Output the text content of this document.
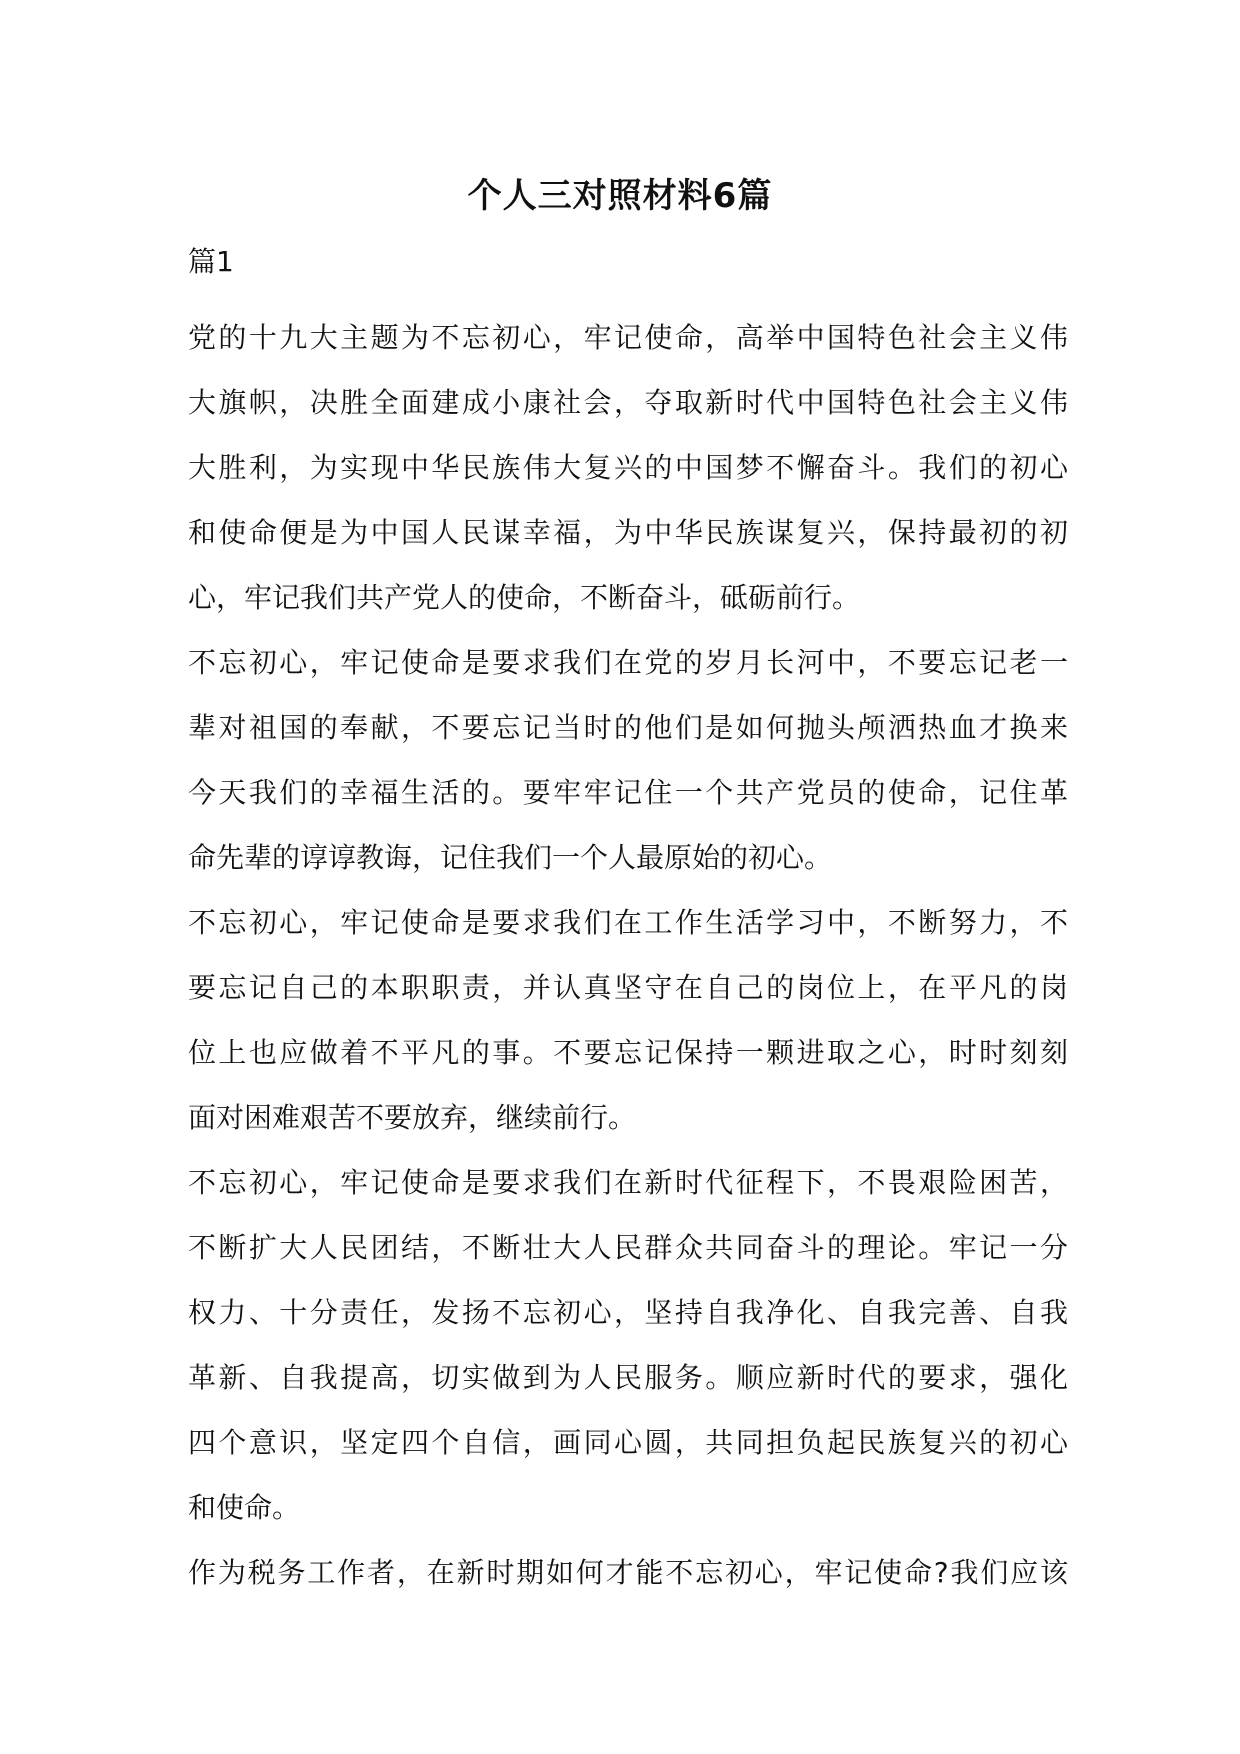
个人三对照材料6篇
篇1
党的十九大主题为不忘初心，牢记使命，高举中国特色社会主义伟
大旗帜，决胜全面建成小康社会，夺取新时代中国特色社会主义伟
大胜利，为实现中华民族伟大复兴的中国梦不懈奋斗。我们的初心
和使命便是为中国人民谋幸福，为中华民族谋复兴，保持最初的初
心，牢记我们共产党人的使命，不断奋斗，砥砺前行。
不忘初心，牢记使命是要求我们在党的岁月长河中，不要忘记老一
辈对祖国的奉献，不要忘记当时的他们是如何抛头颅洒热血才换来
今天我们的幸福生活的。要牢牢记住一个共产党员的使命，记住革
命先辈的谆谆教诲，记住我们一个人最原始的初心。
不忘初心，牢记使命是要求我们在工作生活学习中，不断努力，不
要忘记自己的本职职责，并认真坚守在自己的岗位上，在平凡的岗
位上也应做着不平凡的事。不要忘记保持一颗进取之心，时时刻刻
面对困难艰苦不要放弃，继续前行。
不忘初心，牢记使命是要求我们在新时代征程下，不畏艰险困苦，
不断扩大人民团结，不断壮大人民群众共同奋斗的理论。牢记一分
权力、十分责任，发扬不忘初心，坚持自我净化、自我完善、自我
革新、自我提高，切实做到为人民服务。顺应新时代的要求，强化
四个意识，坚定四个自信，画同心圆，共同担负起民族复兴的初心
和使命。
作为税务工作者，在新时期如何才能不忘初心，牢记使命?我们应该
